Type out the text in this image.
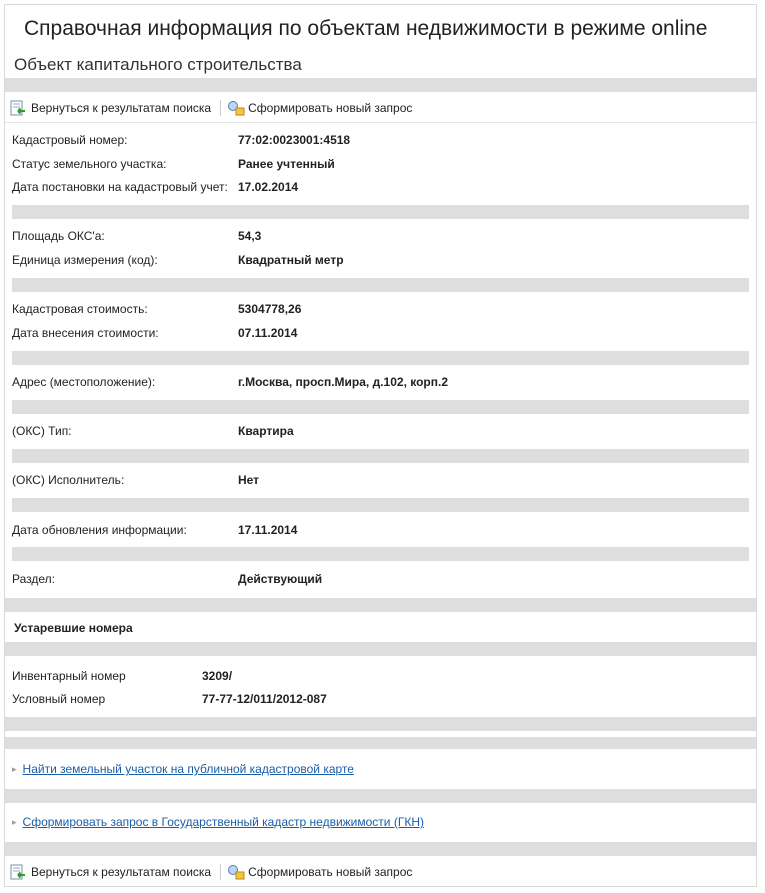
Справочная информация по объектам недвижимости в режиме online
Объект капитального строительства
Вернуться к результатам поиска	Сформировать новый запрос
Кадастровый номер:	77:02:0023001:4518
Статус земельного участка:	Ранее учтенный
Дата постановки на кадастровый учет: 17.02.2014
Площадь ОКС'а:	54,3
Единица измерения (код):	Квадратный метр
Кадастровая стоимость:	5304778,26
Дата внесения стоимости:	07.11.2014
Адрес (местоположение):	г.Москва, просп.Мира, д.102, корп.2
(ОКС) Тип:	Квартира
(ОКС) Исполнитель:	Нет
Дата обновления информации:	17.11.2014
Раздел:	Действующий
Устаревшие номера
Инвентарный номер	3209/
Условный номер	77-77-12/011/2012-087
▸ Найти земельный участок на публичной кадастровой карте
▸ Сформировать запрос в Государственный кадастр недвижимости (ГКН)
Вернуться к результатам поиска	Сформировать новый запрос
